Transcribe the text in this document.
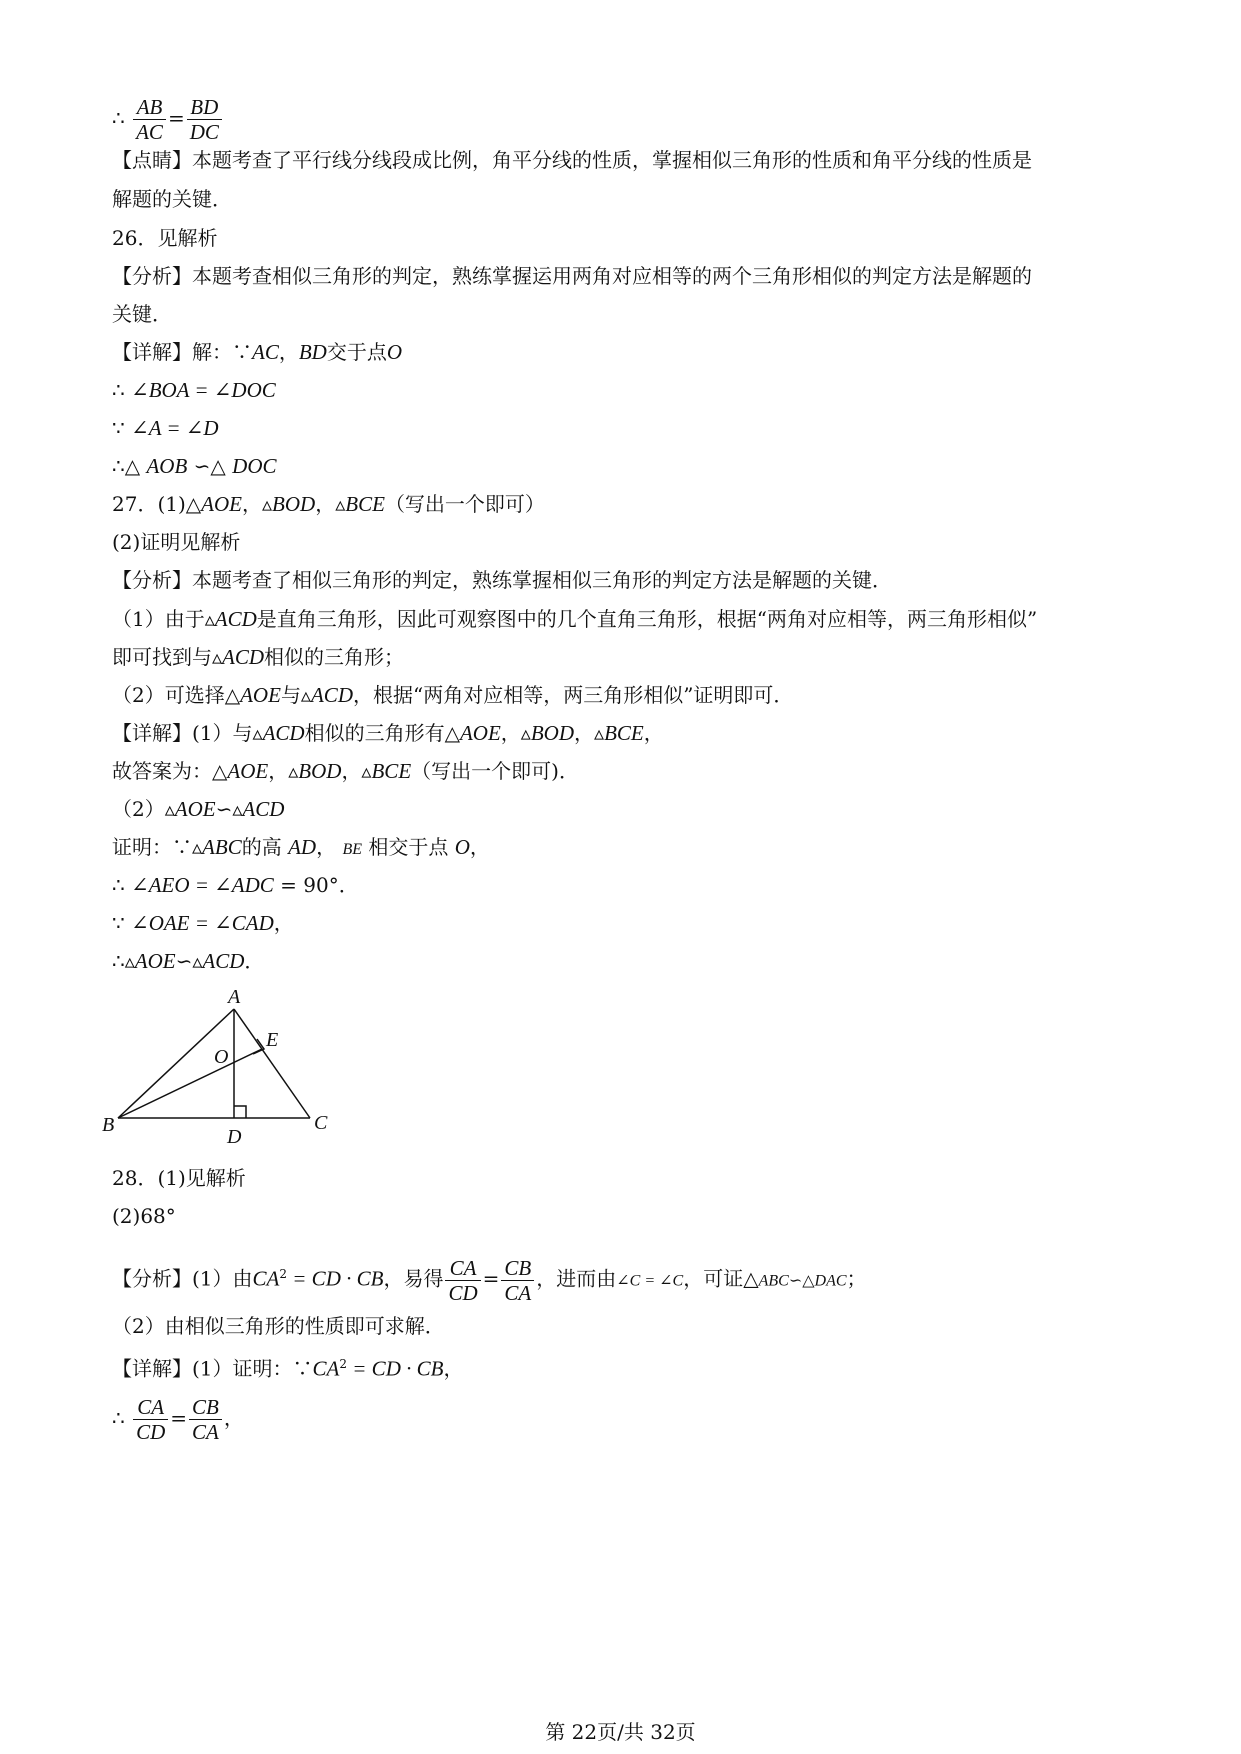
∴ $\frac{AB}{AC} = \frac{BD}{DC}$
【点睛】本题考查了平行线分线段成比例，角平分线的性质，掌握相似三角形的性质和角平分线的性质是
解题的关键．
26．见解析
【分析】本题考查相似三角形的判定，熟练掌握运用两角对应相等的两个三角形相似的判定方法是解题的
关键．
【详解】解：∵AC，BD交于点O
∴ ∠BOA = ∠DOC
∵ ∠A = ∠D
∴△ AOB ∽△ DOC
27．(1)△AOE，▵BOD，▵BCE（写出一个即可）
(2)证明见解析
【分析】本题考查了相似三角形的判定，熟练掌握相似三角形的判定方法是解题的关键．
（1）由于▵ACD是直角三角形，因此可观察图中的几个直角三角形，根据“两角对应相等，两三角形相似”
即可找到与▵ACD相似的三角形；
（2）可选择△AOE与▵ACD，根据“两角对应相等，两三角形相似”证明即可．
【详解】(1）与▵ACD相似的三角形有△AOE，▵BOD，▵BCE，
故答案为：△AOE，▵BOD，▵BCE（写出一个即可)．
（2）▵AOE∽▵ACD
证明：∵▵ABC的高 AD， BE 相交于点 O，
∴ ∠AEO = ∠ADC = 90°．
∵ ∠OAE = ∠CAD，
∴▵AOE∽▵ACD．
A
B	C
D
E
O
28．(1)见解析
(2)68°
【分析】(1）由$CA^2$ = CD · CB，易得 $\frac{CA}{CD} = \frac{CB}{CA}$ ，进而由∠C = ∠C，可证△ABC∽△DAC；
（2）由相似三角形的性质即可求解．
【详解】(1）证明：$\because CA^2$ = CD · CB，
∴ $\frac{CA}{CD} = \frac{CB}{CA}$ ，
第 22页/共 32页
